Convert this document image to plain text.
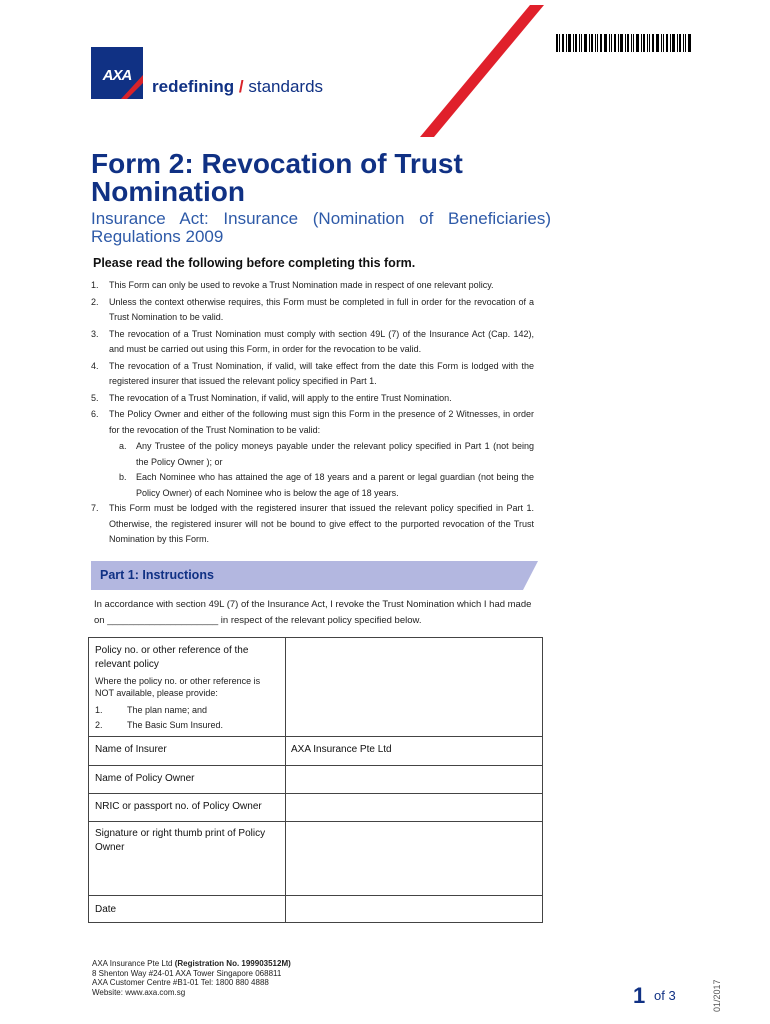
AXA
redefining / standards
Form 2: Revocation of Trust Nomination
Insurance Act: Insurance (Nomination of Beneficiaries) Regulations 2009
Please read the following before completing this form.
1. This Form can only be used to revoke a Trust Nomination made in respect of one relevant policy.
2. Unless the context otherwise requires, this Form must be completed in full in order for the revocation of a Trust Nomination to be valid.
3. The revocation of a Trust Nomination must comply with section 49L (7) of the Insurance Act (Cap. 142), and must be carried out using this Form, in order for the revocation to be valid.
4. The revocation of a Trust Nomination, if valid, will take effect from the date this Form is lodged with the registered insurer that issued the relevant policy specified in Part 1.
5. The revocation of a Trust Nomination, if valid, will apply to the entire Trust Nomination.
6. The Policy Owner and either of the following must sign this Form in the presence of 2 Witnesses, in order for the revocation of the Trust Nomination to be valid:
a. Any Trustee of the policy moneys payable under the relevant policy specified in Part 1 (not being the Policy Owner ); or
b. Each Nominee who has attained the age of 18 years and a parent or legal guardian (not being the Policy Owner) of each Nominee who is below the age of 18 years.
7. This Form must be lodged with the registered insurer that issued the relevant policy specified in Part 1. Otherwise, the registered insurer will not be bound to give effect to the purported revocation of the Trust Nomination by this Form.
Part 1: Instructions
In accordance with section 49L (7) of the Insurance Act, I revoke the Trust Nomination which I had made
on _____________________ in respect of the relevant policy specified below.
Policy no. or other reference of the relevant policy
Where the policy no. or other reference is NOT available, please provide:
1.	The plan name; and
2.	The Basic Sum Insured.
Name of Insurer	AXA Insurance Pte Ltd
Name of Policy Owner
NRIC or passport no. of Policy Owner
Signature or right thumb print of Policy Owner
Date
AXA Insurance Pte Ltd (Registration No. 199903512M)
8 Shenton Way #24-01 AXA Tower Singapore 068811
AXA Customer Centre #B1-01 Tel: 1800 880 4888
Website: www.axa.com.sg	1 of 3	01/2017
